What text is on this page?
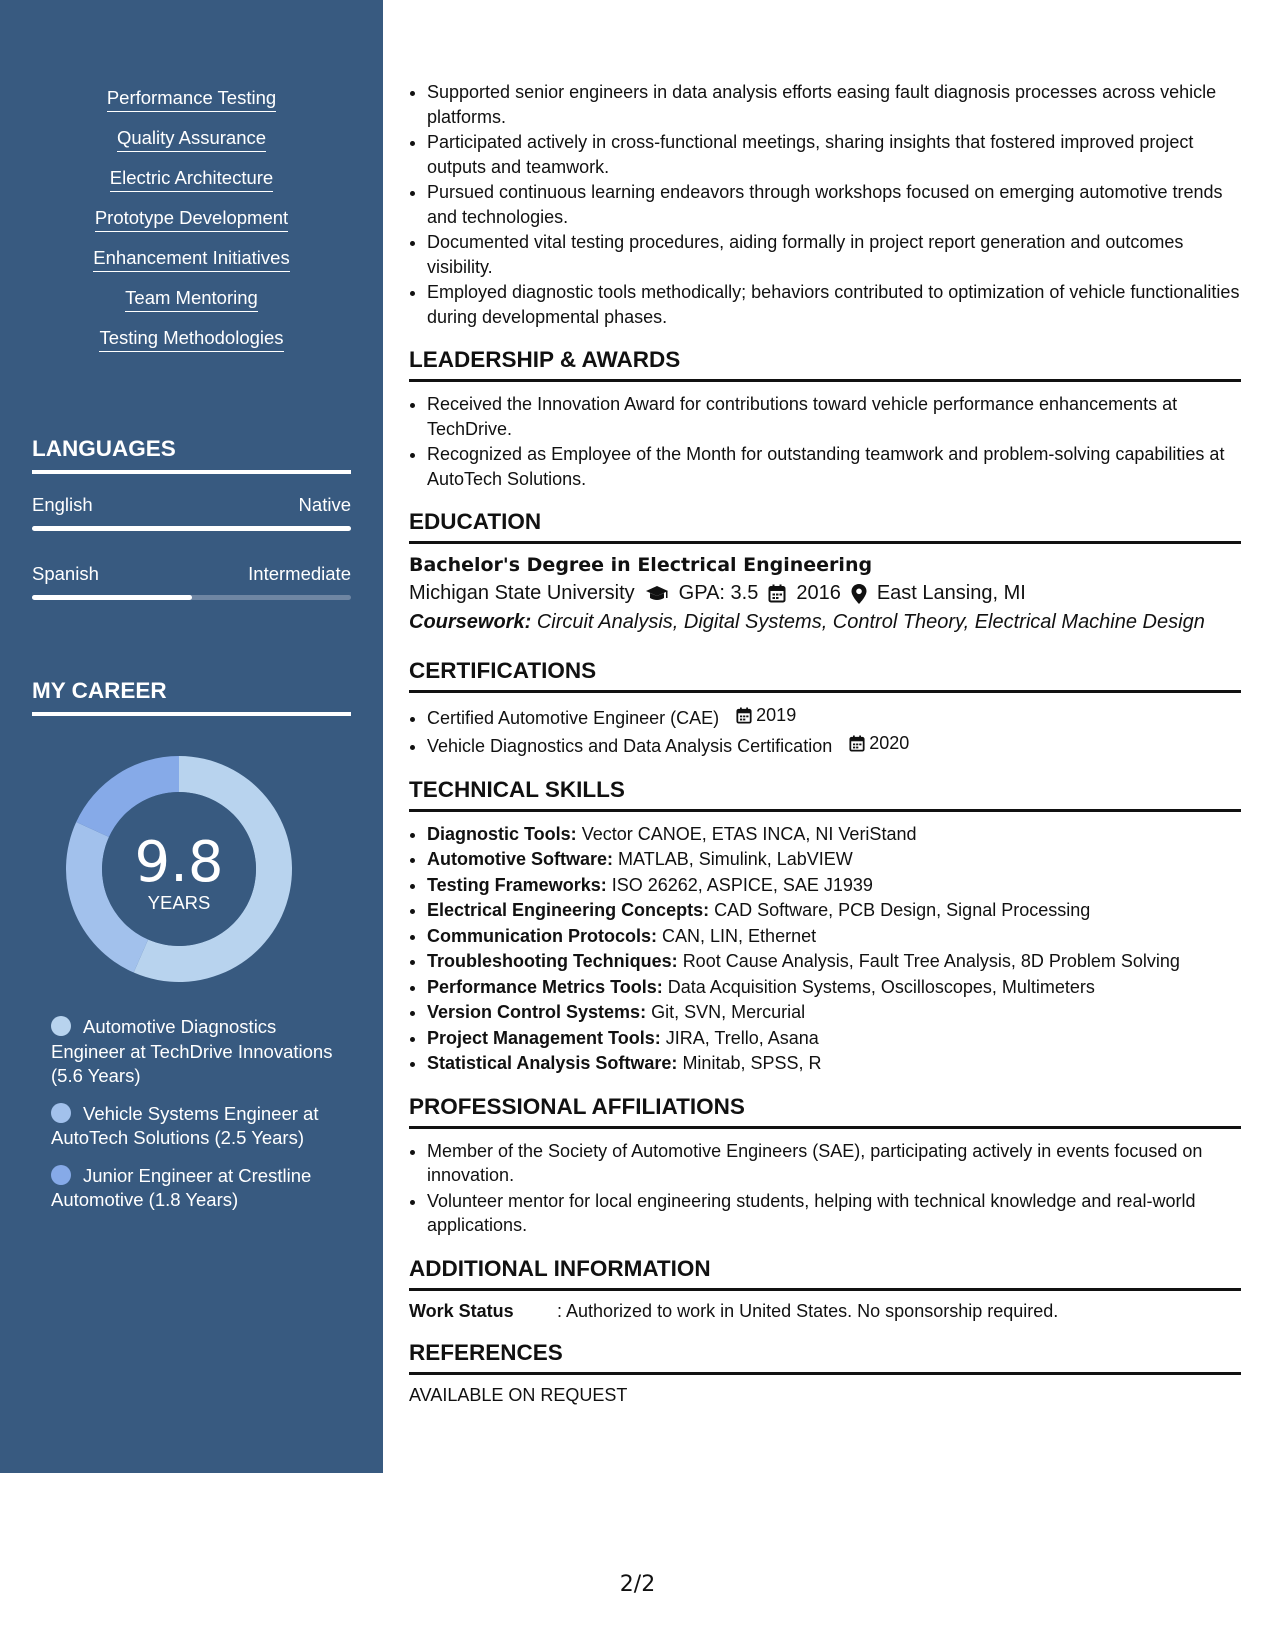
Performance Testing
Quality Assurance
Electric Architecture
Prototype Development
Enhancement Initiatives
Team Mentoring
Testing Methodologies
LANGUAGES
English	Native
Spanish	Intermediate
MY CAREER
9.8
YEARS
Automotive Diagnostics Engineer at TechDrive Innovations (5.6 Years)
Vehicle Systems Engineer at AutoTech Solutions (2.5 Years)
Junior Engineer at Crestline Automotive (1.8 Years)
• Supported senior engineers in data analysis efforts easing fault diagnosis processes across vehicle platforms.
• Participated actively in cross-functional meetings, sharing insights that fostered improved project outputs and teamwork.
• Pursued continuous learning endeavors through workshops focused on emerging automotive trends and technologies.
• Documented vital testing procedures, aiding formally in project report generation and outcomes visibility.
• Employed diagnostic tools methodically; behaviors contributed to optimization of vehicle functionalities during developmental phases.
LEADERSHIP & AWARDS
• Received the Innovation Award for contributions toward vehicle performance enhancements at TechDrive.
• Recognized as Employee of the Month for outstanding teamwork and problem-solving capabilities at AutoTech Solutions.
EDUCATION
Bachelor's Degree in Electrical Engineering
Michigan State University GPA: 3.5 2016 East Lansing, MI
Coursework: Circuit Analysis, Digital Systems, Control Theory, Electrical Machine Design
CERTIFICATIONS
• Certified Automotive Engineer (CAE) 2019
• Vehicle Diagnostics and Data Analysis Certification 2020
TECHNICAL SKILLS
• Diagnostic Tools: Vector CANOE, ETAS INCA, NI VeriStand
• Automotive Software: MATLAB, Simulink, LabVIEW
• Testing Frameworks: ISO 26262, ASPICE, SAE J1939
• Electrical Engineering Concepts: CAD Software, PCB Design, Signal Processing
• Communication Protocols: CAN, LIN, Ethernet
• Troubleshooting Techniques: Root Cause Analysis, Fault Tree Analysis, 8D Problem Solving
• Performance Metrics Tools: Data Acquisition Systems, Oscilloscopes, Multimeters
• Version Control Systems: Git, SVN, Mercurial
• Project Management Tools: JIRA, Trello, Asana
• Statistical Analysis Software: Minitab, SPSS, R
PROFESSIONAL AFFILIATIONS
• Member of the Society of Automotive Engineers (SAE), participating actively in events focused on innovation.
• Volunteer mentor for local engineering students, helping with technical knowledge and real-world applications.
ADDITIONAL INFORMATION
Work Status	: Authorized to work in United States. No sponsorship required.
REFERENCES
AVAILABLE ON REQUEST
2/2
